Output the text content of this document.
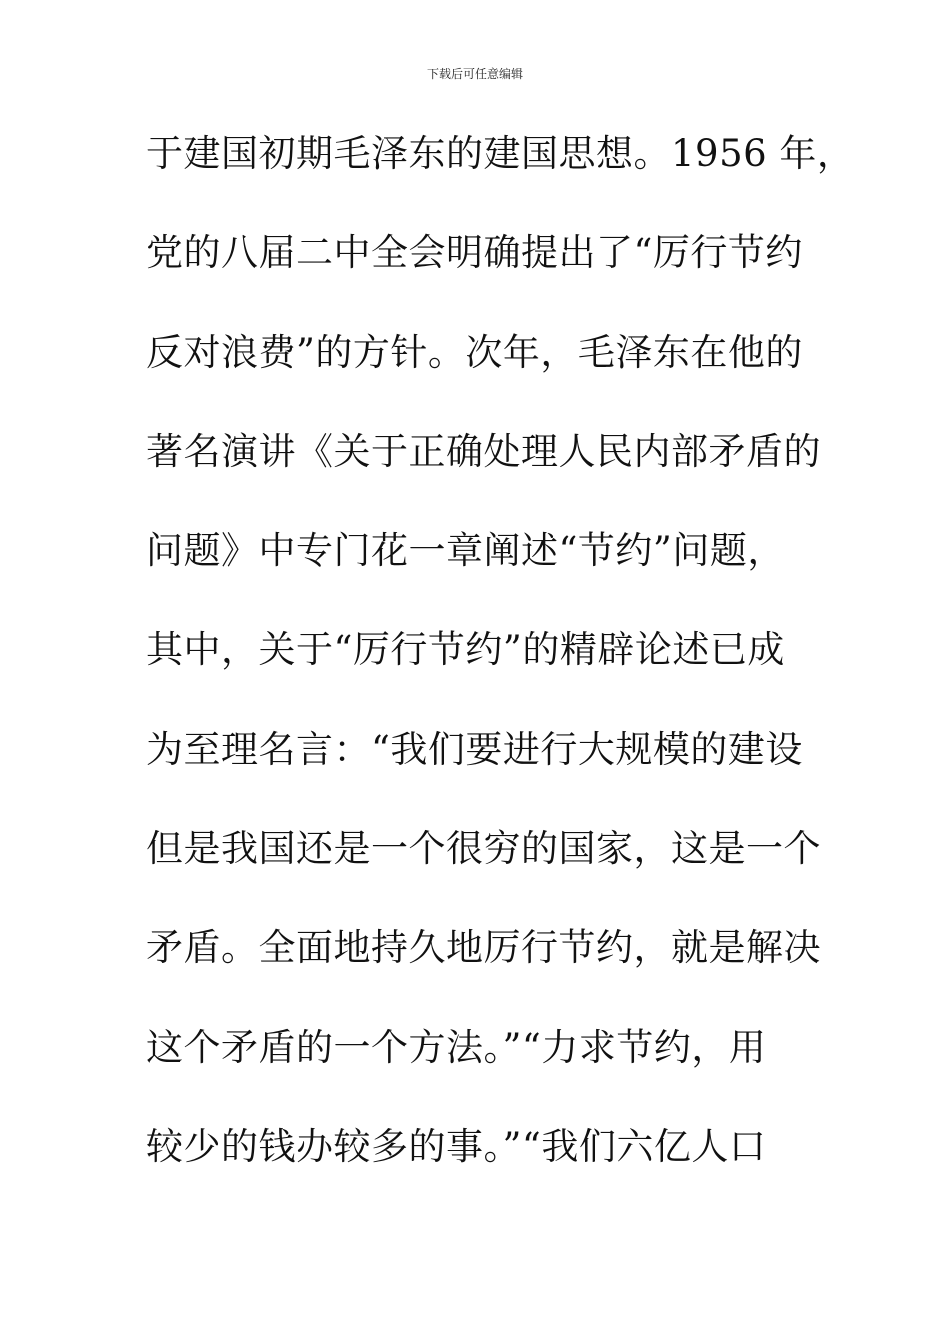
下载后可任意编辑
于建国初期毛泽东的建国思想。1956 年，
党的八届二中全会明确提出了“厉行节约
反对浪费”的方针。次年，毛泽东在他的
著名演讲《关于正确处理人民内部矛盾的
问题》中专门花一章阐述“节约”问题，
其中，关于“厉行节约”的精辟论述已成
为至理名言：“我们要进行大规模的建设
但是我国还是一个很穷的国家，这是一个
矛盾。全面地持久地厉行节约，就是解决
这个矛盾的一个方法。”“力求节约，用
较少的钱办较多的事。”“我们六亿人口
